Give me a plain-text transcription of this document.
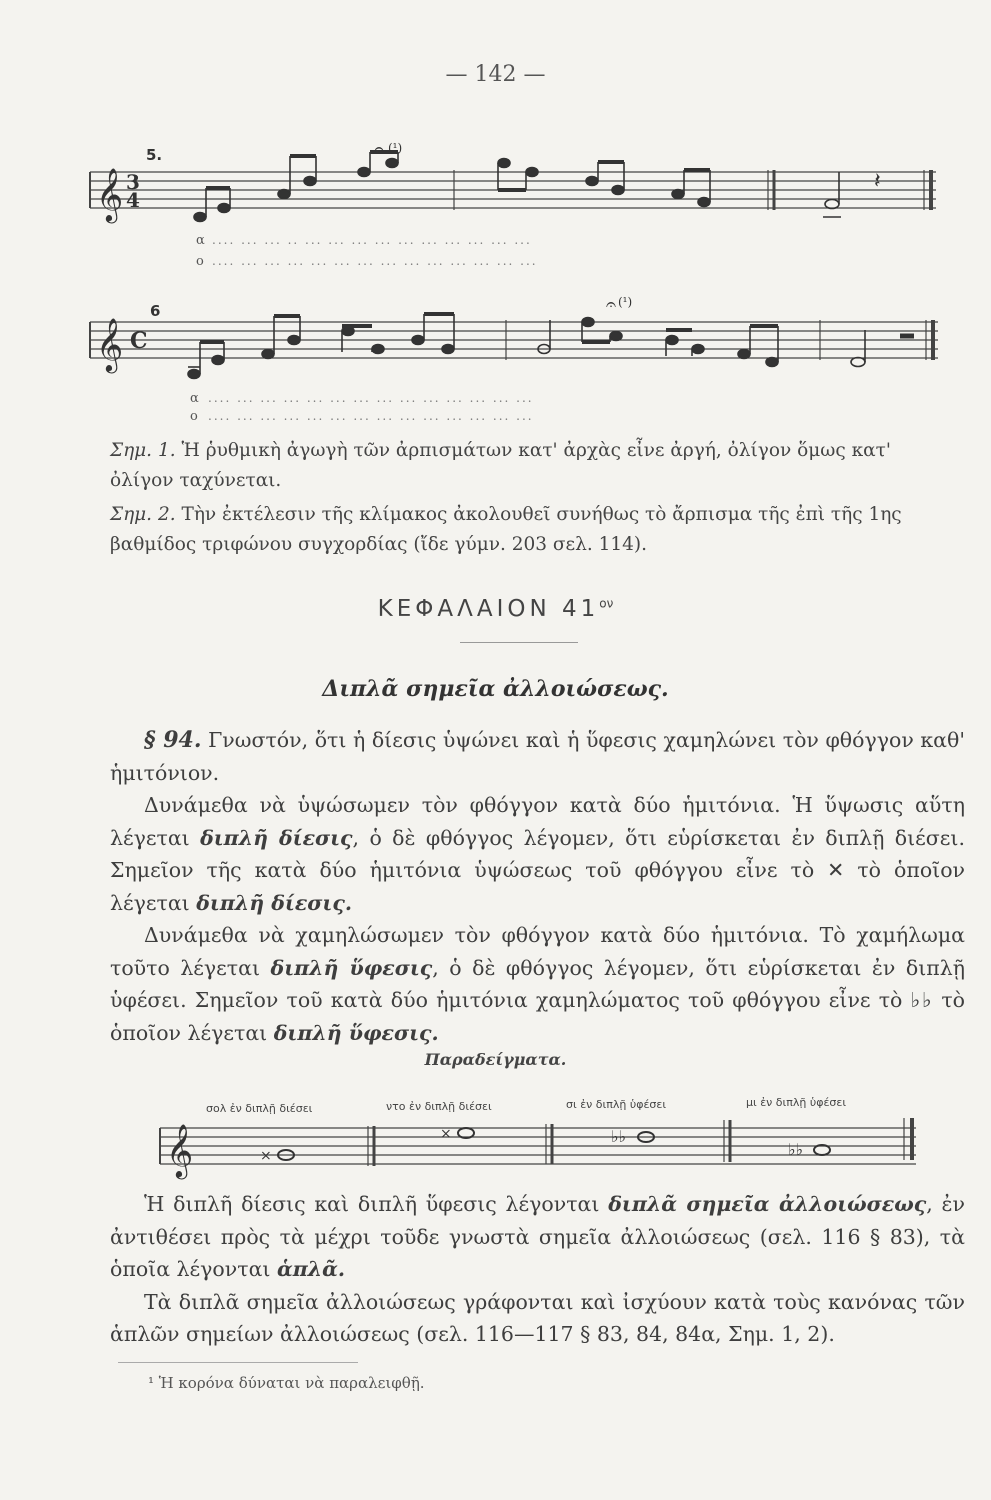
— 142 —
5.
𝄞 3
4
𝄽
𝄐 (¹)
α
ο
.... ... ... .. ... ... ... ... ... ... ... ... ... ...
.... ... ... ... ... ... ... ... ... ... ... ... ... ...
6
𝄞 C
𝄐 (¹)
α
ο
.... ... ... ... ... ... ... ... ... ... ... ... ... ...
.... ... ... ... ... ... ... ... ... ... ... ... ... ...
Σημ. 1. Ἡ ῥυθμικὴ ἀγωγὴ τῶν ἀρπισμάτων κατ' ἀρχὰς εἶνε ἀργή, ὀλίγον ὅμως κατ' ὀλίγον ταχύνεται.
Σημ. 2. Τὴν ἐκτέλεσιν τῆς κλίμακος ἀκολουθεῖ συνήθως τὸ ἄρπισμα τῆς ἐπὶ τῆς 1ης βαθμίδος τριφώνου συγχορδίας (ἴδε γύμν. 203 σελ. 114).
ΚΕΦΑΛΑΙΟΝ $41^{o\nu}$
Διπλᾶ σημεῖα ἀλλοιώσεως.

§ 94. Γνωστόν, ὅτι ἡ δίεσις ὑψώνει καὶ ἡ ὕφεσις χαμηλώνει τὸν φθόγγον καθ' ἡμιτόνιον.

Δυνάμεθα νὰ ὑψώσωμεν τὸν φθόγγον κατὰ δύο ἡμιτόνια. Ἡ ὕψωσις αὕτη λέγεται διπλῆ δίεσις, ὁ δὲ φθόγγος λέγομεν, ὅτι εὑρίσκεται ἐν διπλῇ διέσει. Σημεῖον τῆς κατὰ δύο ἡμιτόνια ὑψώσεως τοῦ φθόγγου εἶνε τὸ ✕ τὸ ὁποῖον λέγεται διπλῆ δίεσις.

Δυνάμεθα νὰ χαμηλώσωμεν τὸν φθόγγον κατὰ δύο ἡμιτόνια. Τὸ χαμήλωμα τοῦτο λέγεται διπλῆ ὕφεσις, ὁ δὲ φθόγγος λέγομεν, ὅτι εὑρίσκεται ἐν διπλῇ ὑφέσει. Σημεῖον τοῦ κατὰ δύο ἡμιτόνια χαμηλώματος τοῦ φθόγγου εἶνε τὸ ♭♭ τὸ ὁποῖον λέγεται διπλῆ ὕφεσις.

Παραδείγματα.
σολ ἐν διπλῇ διέσει	ντο ἐν διπλῇ διέσει	σι ἐν διπλῇ ὑφέσει	μι ἐν διπλῇ ὑφέσει
𝄞	×
×	♭♭
♭♭

Ἡ διπλῆ δίεσις καὶ διπλῆ ὕφεσις λέγονται διπλᾶ σημεῖα ἀλλοιώσεως, ἐν ἀντιθέσει πρὸς τὰ μέχρι τοῦδε γνωστὰ σημεῖα ἀλλοιώσεως (σελ. 116 § 83), τὰ ὁποῖα λέγονται ἁπλᾶ.

Τὰ διπλᾶ σημεῖα ἀλλοιώσεως γράφονται καὶ ἰσχύουν κατὰ τοὺς κανόνας τῶν ἁπλῶν σημείων ἀλλοιώσεως (σελ. 116—117 § 83, 84, 84α, Σημ. 1, 2).

¹ Ἡ κορόνα δύναται νὰ παραλειφθῇ.
